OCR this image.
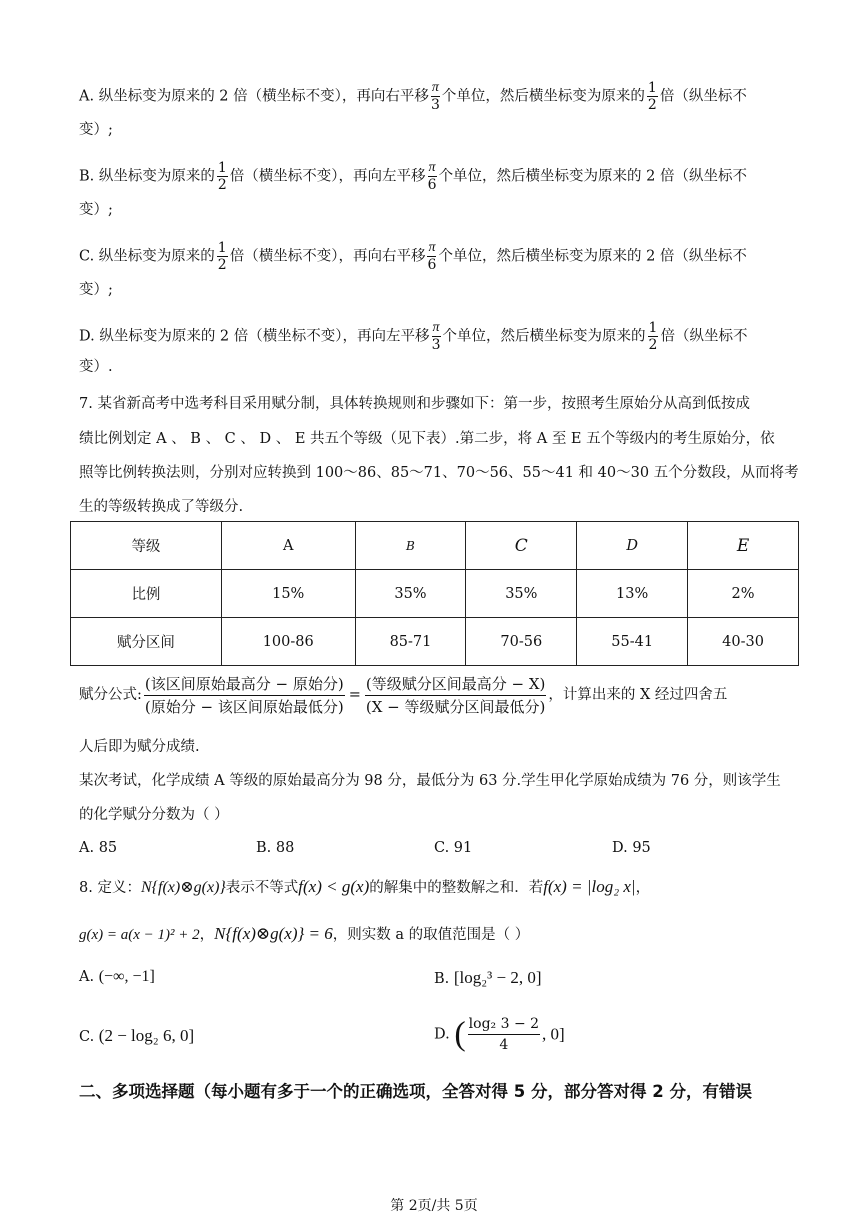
A. 纵坐标变为原来的 2 倍（横坐标不变），再向右平移 $\frac{\pi}{3}$ 个单位，然后横坐标变为原来的 $\frac{1}{2}$ 倍（纵坐标不
变）;
B. 纵坐标变为原来的 $\frac{1}{2}$ 倍（横坐标不变），再向左平移 $\frac{\pi}{6}$ 个单位，然后横坐标变为原来的 2 倍（纵坐标不
变）;
C. 纵坐标变为原来的 $\frac{1}{2}$ 倍（横坐标不变），再向右平移 $\frac{\pi}{6}$ 个单位，然后横坐标变为原来的 2 倍（纵坐标不
变）;
D. 纵坐标变为原来的 2 倍（横坐标不变），再向左平移 $\frac{\pi}{3}$ 个单位，然后横坐标变为原来的 $\frac{1}{2}$ 倍（纵坐标不
变）.
7. 某省新高考中选考科目采用赋分制，具体转换规则和步骤如下：第一步，按照考生原始分从高到低按成
绩比例划定 A 、 B 、 C 、 D 、 E 共五个等级（见下表）.第二步，将 A 至 E 五个等级内的考生原始分，依
照等比例转换法则，分别对应转换到 100～86、85～71、70～56、55～41 和 40～30 五个分数段，从而将考
生的等级转换成了等级分.
等级	A	B	C	D	E
比例	15%	35%	35%	13%	2%
赋分区间	100-86	85-71	70-56	55-41	40-30
赋分公式: $\frac{\text{(该区间原始最高分 − 原始分)}}{\text{(原始分 − 该区间原始最低分)}} = \frac{\text{(等级赋分区间最高分 − X)}}{\text{(X − 等级赋分区间最低分)}}$ ，计算出来的 X 经过四舍五
人后即为赋分成绩.
某次考试，化学成绩 A 等级的原始最高分为 98 分，最低分为 63 分.学生甲化学原始成绩为 76 分，则该学生
的化学赋分分数为（ ）
A. 85	B. 88	C. 91	D. 95
8. 定义：N{f(x)⊗g(x)}表示不等式f(x) < g(x)的解集中的整数解之和．若f(x) = |log₂ x|，
g(x) = a(x − 1)² + 2，N{f(x)⊗g(x)} = 6，则实数 a 的取值范围是（ ）
A. (−∞, −1]	B. [log₂³ − 2, 0]
C. (2 − log₂ 6, 0]	D. ( $\frac{\text{log₂ 3 − 2}}{4}$ , 0]
二、多项选择题（每小题有多于一个的正确选项，全答对得 5 分，部分答对得 2 分，有错误
第 2页/共 5页
